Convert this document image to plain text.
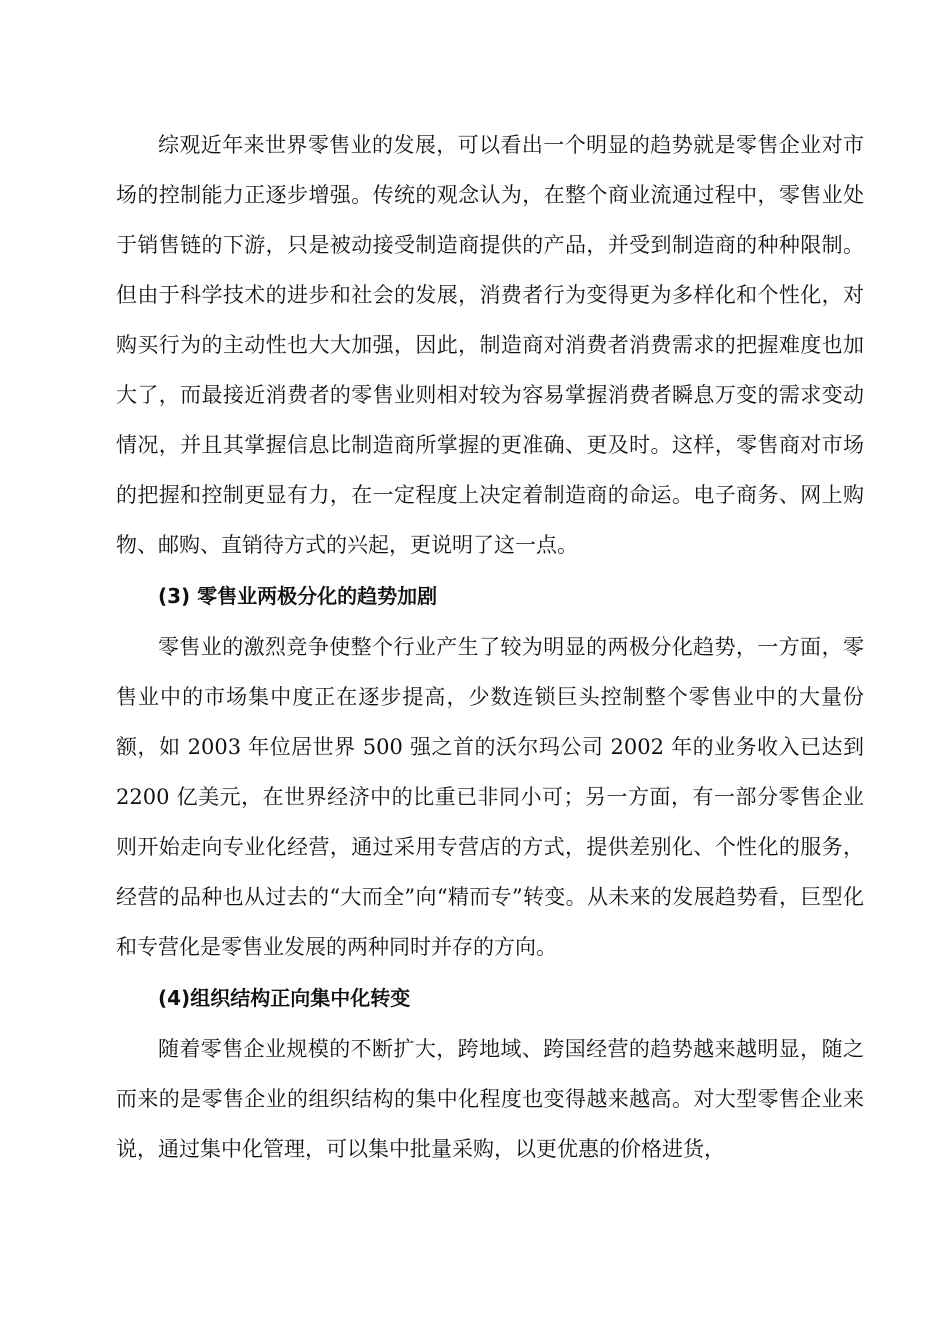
综观近年来世界零售业的发展，可以看出一个明显的趋势就是零售企业对市场的控制能力正逐步增强。传统的观念认为，在整个商业流通过程中，零售业处于销售链的下游，只是被动接受制造商提供的产品，并受到制造商的种种限制。但由于科学技术的进步和社会的发展，消费者行为变得更为多样化和个性化，对购买行为的主动性也大大加强，因此，制造商对消费者消费需求的把握难度也加大了，而最接近消费者的零售业则相对较为容易掌握消费者瞬息万变的需求变动情况，并且其掌握信息比制造商所掌握的更准确、更及时。这样，零售商对市场的把握和控制更显有力，在一定程度上决定着制造商的命运。电子商务、网上购物、邮购、直销待方式的兴起，更说明了这一点。

(3) 零售业两极分化的趋势加剧

零售业的激烈竞争使整个行业产生了较为明显的两极分化趋势，一方面，零售业中的市场集中度正在逐步提高，少数连锁巨头控制整个零售业中的大量份额，如 2003 年位居世界 500 强之首的沃尔玛公司 2002 年的业务收入已达到 2200 亿美元，在世界经济中的比重已非同小可；另一方面，有一部分零售企业则开始走向专业化经营，通过采用专营店的方式，提供差别化、个性化的服务，经营的品种也从过去的“大而全”向“精而专”转变。从未来的发展趋势看，巨型化和专营化是零售业发展的两种同时并存的方向。

(4)组织结构正向集中化转变

随着零售企业规模的不断扩大，跨地域、跨国经营的趋势越来越明显，随之而来的是零售企业的组织结构的集中化程度也变得越来越高。对大型零售企业来说，通过集中化管理，可以集中批量采购，以更优惠的价格进货，
